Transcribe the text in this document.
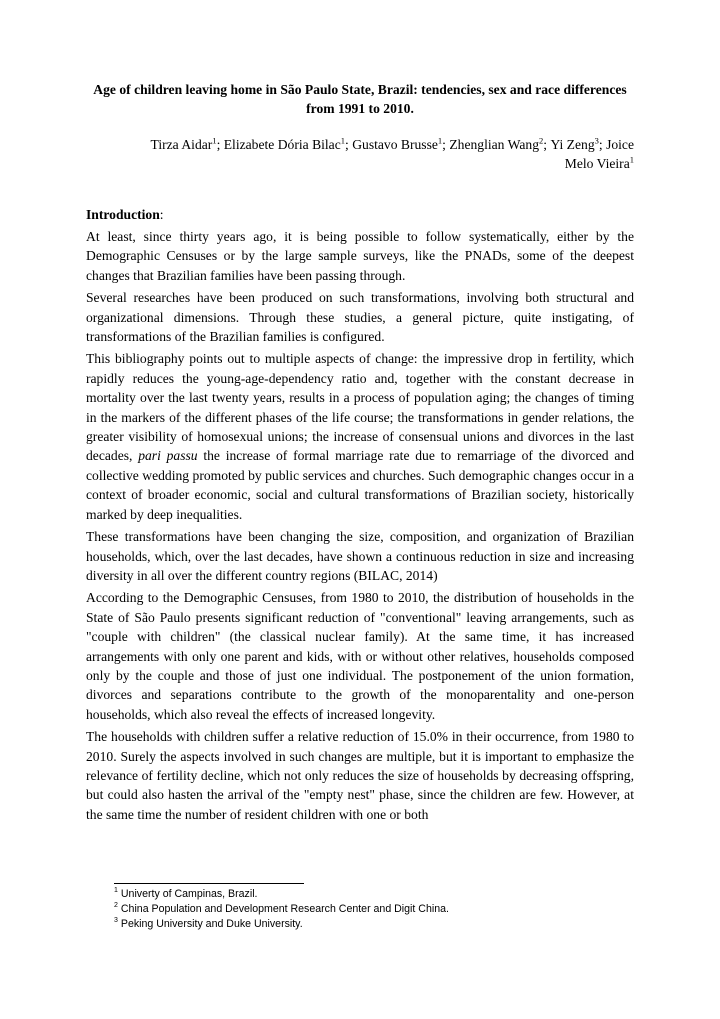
Age of children leaving home in São Paulo State, Brazil: tendencies, sex and race differences from 1991 to 2010.
Tirza Aidar$^1$; Elizabete Dória Bilac$^1$; Gustavo Brusse$^1$; Zhenglian Wang$^2$; Yi Zeng$^3$; Joice
Melo Vieira$^1$
Introduction:

At least, since thirty years ago, it is being possible to follow systematically, either by the Demographic Censuses or by the large sample surveys, like the PNADs, some of the deepest changes that Brazilian families have been passing through.

Several researches have been produced on such transformations, involving both structural and organizational dimensions. Through these studies, a general picture, quite instigating, of transformations of the Brazilian families is configured.

This bibliography points out to multiple aspects of change: the impressive drop in fertility, which rapidly reduces the young-age-dependency ratio and, together with the constant decrease in mortality over the last twenty years, results in a process of population aging; the changes of timing in the markers of the different phases of the life course; the transformations in gender relations, the greater visibility of homosexual unions; the increase of consensual unions and divorces in the last decades, pari passu the increase of formal marriage rate due to remarriage of the divorced and collective wedding promoted by public services and churches. Such demographic changes occur in a context of broader economic, social and cultural transformations of Brazilian society, historically marked by deep inequalities.

These transformations have been changing the size, composition, and organization of Brazilian households, which, over the last decades, have shown a continuous reduction in size and increasing diversity in all over the different country regions (BILAC, 2014)

According to the Demographic Censuses, from 1980 to 2010, the distribution of households in the State of São Paulo presents significant reduction of "conventional" leaving arrangements, such as "couple with children" (the classical nuclear family). At the same time, it has increased arrangements with only one parent and kids, with or without other relatives, households composed only by the couple and those of just one individual. The postponement of the union formation, divorces and separations contribute to the growth of the monoparentality and one-person households, which also reveal the effects of increased longevity.

The households with children suffer a relative reduction of 15.0% in their occurrence, from 1980 to 2010. Surely the aspects involved in such changes are multiple, but it is important to emphasize the relevance of fertility decline, which not only reduces the size of households by decreasing offspring, but could also hasten the arrival of the "empty nest" phase, since the children are few. However, at the same time the number of resident children with one or both

$^1$ Univerty of Campinas, Brazil.
$^2$ China Population and Development Research Center and Digit China.
$^3$ Peking University and Duke University.
